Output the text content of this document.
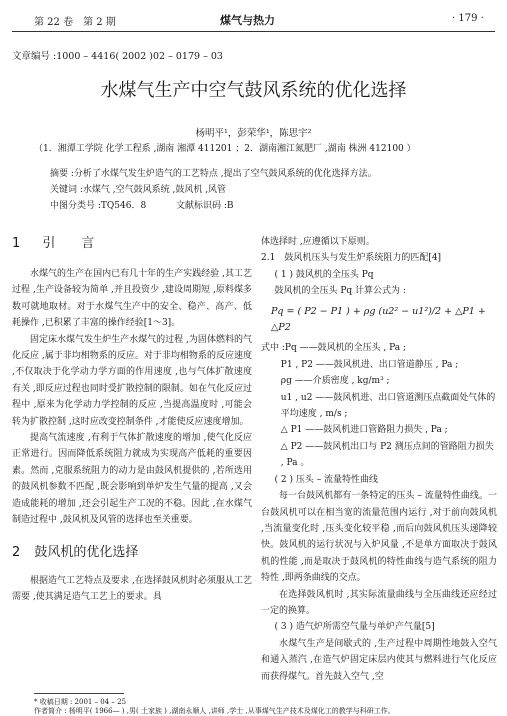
第 22 卷　第 2 期	煤气与热力	· 179 ·
文章编号 :1000 – 4416( 2002 )02 – 0179 – 03
水煤气生产中空气鼓风系统的优化选择
杨明平¹，彭荣华¹，陈思宇²
（1．湘潭工学院 化学工程系 ,湖南 湘潭 411201 ；2．湖南湘江氮肥厂 ,湖南 株洲 412100 ）
摘要 :分析了水煤气发生炉造气的工艺特点 ,提出了空气鼓风系统的优化选择方法。
关键词 :水煤气 ,空气鼓风系统 ,鼓风机 ,风管
中图分类号 :TQ546．8	文献标识码 :B
1 引　　言

水煤气的生产在国内已有几十年的生产实践经验 ,其工艺过程 ,生产设备较为简单 ,并且投资少 ,建设周期短 ,原料煤多数可就地取材。对于水煤气生产中的安全、稳产、高产、低耗操作 ,已积累了丰富的操作经验[1～3]。

固定床水煤气发生炉生产水煤气的过程 ,为固体燃料的气化反应 ,属于非均相物系的反应。对于非均相物系的反应速度 ,不仅取决于化学动力学方面的作用速度 ,也与气体扩散速度有关 ,即反应过程也同时受扩散控制的限制。如在气化反应过程中 ,原来为化学动力学控制的反应 ,当提高温度时 ,可能会转为扩散控制 ,这时应改变控制条件 ,才能使反应速度增加。

提高气流速度 ,有利于气体扩散速度的增加 ,使气化反应正常进行。因而降低系统阻力就成为实现高产低耗的重要因素。然而 ,克服系统阻力的动力是由鼓风机提供的 ,若所选用的鼓风机参数不匹配 ,既会影响到单炉发生气量的提高 ,又会造成能耗的增加 ,还会引起生产工况的不稳。因此 ,在水煤气制造过程中 ,鼓风机及风管的选择也至关重要。

2 鼓风机的优化选择

根据造气工艺特点及要求 ,在选择鼓风机时必须服从工艺需要 ,使其满足造气工艺上的要求。具

体选择时 ,应遵循以下原则。

2.1　鼓风机压头与发生炉系统阻力的匹配[4]

( 1 ) 鼓风机的全压头 Pq

鼓风机的全压头 Pq 计算公式为 :

Pq = ( P2 − P1 ) + ρg (u2² − u1²)/2 + △P1 + △P2

式中 :Pq ——鼓风机的全压头 , Pa ;

P1 , P2 ——鼓风机进、出口管道静压 , Pa ;

ρg ——介质密度 , kg/m³ ;

u1 , u2 ——鼓风机进、出口管道测压点截面处气体的平均速度 , m/s ;

△ P1 ——鼓风机进口管路阻力损失 , Pa ;

△ P2 ——鼓风机出口与 P2 测压点间的管路阻力损失 , Pa 。

( 2 ) 压头 – 流量特性曲线

每一台鼓风机都有一条特定的压头 – 流量特性曲线。一台鼓风机可以在相当宽的流量范围内运行 ,对于前向鼓风机 ,当流量变化时 ,压头变化较平稳 ,而后向鼓风机压头递降较快。鼓风机的运行状况与入炉风量 ,不是单方面取决于鼓风机的性能 ,而是取决于鼓风机的特性曲线与造气系统的阻力特性 ,即两条曲线的交点。

在选择鼓风机时 ,其实际流量曲线与全压曲线还应经过一定的换算。

( 3 ) 造气炉所需空气量与单炉产气量[5]

水煤气生产是间歇式的 ,生产过程中周期性地鼓入空气和通入蒸汽 ,在造气炉固定床层内使其与燃料进行气化反应而获得煤气。首先鼓入空气 ,空

* 收稿日期 : 2001 – 04 – 25
作者简介 : 杨明平( 1966— ) ,男( 土家族 ) ,湖南永顺人 ,讲师 ,学士 ,从事煤气生产技术及煤化工的教学与科研工作。
